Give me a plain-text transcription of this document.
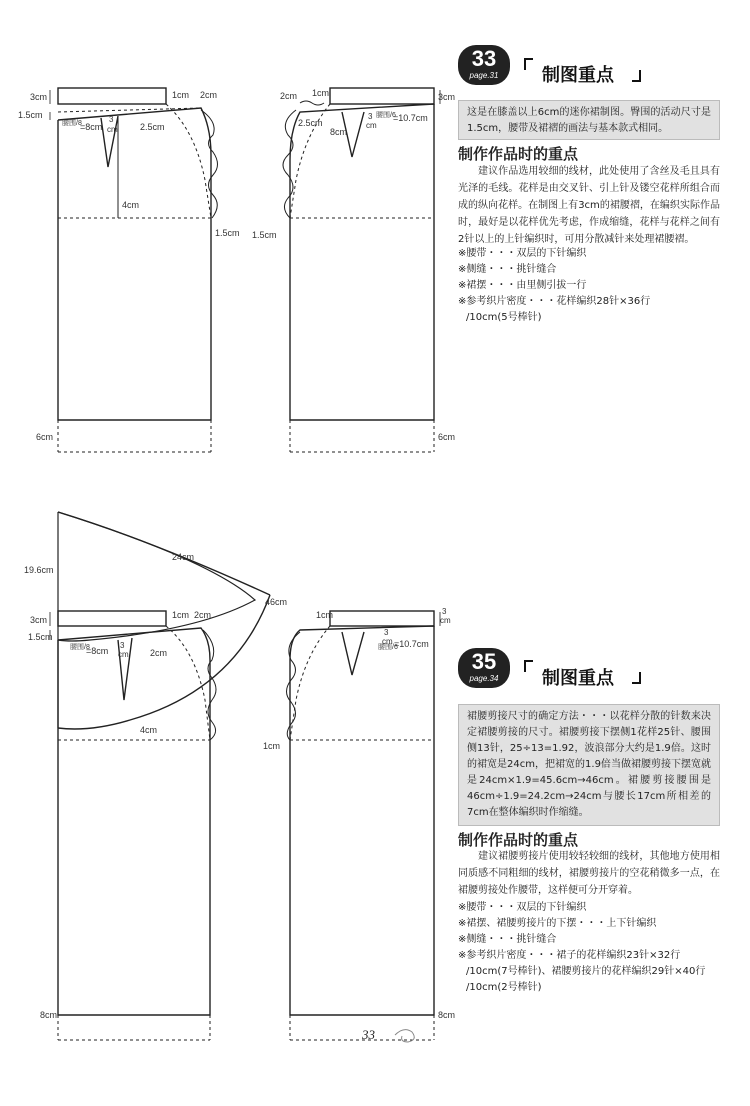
3cm
1.5cm
腰围/8
=8cm
3
cm 2.5cm
1cm 2cm
4cm
1.5cm
6cm
2cm 1cm	3cm
2.5cm
8cm
3
cm
腰围/6
=10.7cm
1.5cm
6cm
19.6cm
24cm
46cm
3cm
1.5cm
腰围/8
=8cm
3
cm 2cm
1cm 2cm
4cm
8cm
1cm	3
cm
3
cm
腰围/6
=10.7cm
1cm
8cm
33
page.31	制图重点
这是在膝盖以上6cm的迷你裙制图。臀围的活动尺寸是1.5cm，腰带及裙褶的画法与基本款式相同。
制作作品时的重点
建议作品选用较细的线材，此处使用了含丝及毛且具有光泽的毛线。花样是由交叉针、引上针及镂空花样所组合而成的纵向花样。在制图上有3cm的裙腰褶，在编织实际作品时，最好是以花样优先考虑，作成缩缝，花样与花样之间有2针以上的上针编织时，可用分散减针来处理裙腰褶。
※腰带・・・双层的下针编织
※侧缝・・・挑针缝合
※裙摆・・・由里侧引拔一行
※参考织片密度・・・花样编织28针×36行
/10cm(5号棒针)
35
page.34	制图重点
裙腰剪接尺寸的确定方法・・・以花样分散的针数来决定裙腰剪接的尺寸。裙腰剪接下摆侧1花样25针、腰围侧13针，25÷13=1.92，波浪部分大约是1.9倍。这时的裙宽是24cm，把裙宽的1.9倍当做裙腰剪接下摆宽就是24cm×1.9=45.6cm→46cm。裙腰剪接腰围是46cm÷1.9=24.2cm→24cm与腰长17cm所相差的7cm在整体编织时作缩缝。
制作作品时的重点
建议裙腰剪接片使用较轻较细的线材，其他地方使用相同质感不同粗细的线材，裙腰剪接片的空花稍微多一点，在裙腰剪接处作腰带，这样便可分开穿着。
※腰带・・・双层的下针编织
※裙摆、裙腰剪接片的下摆・・・上下针编织
※侧缝・・・挑针缝合
※参考织片密度・・・裙子的花样编织23针×32行
/10cm(7号棒针)、裙腰剪接片的花样编织29针×40行
/10cm(2号棒针)
33
